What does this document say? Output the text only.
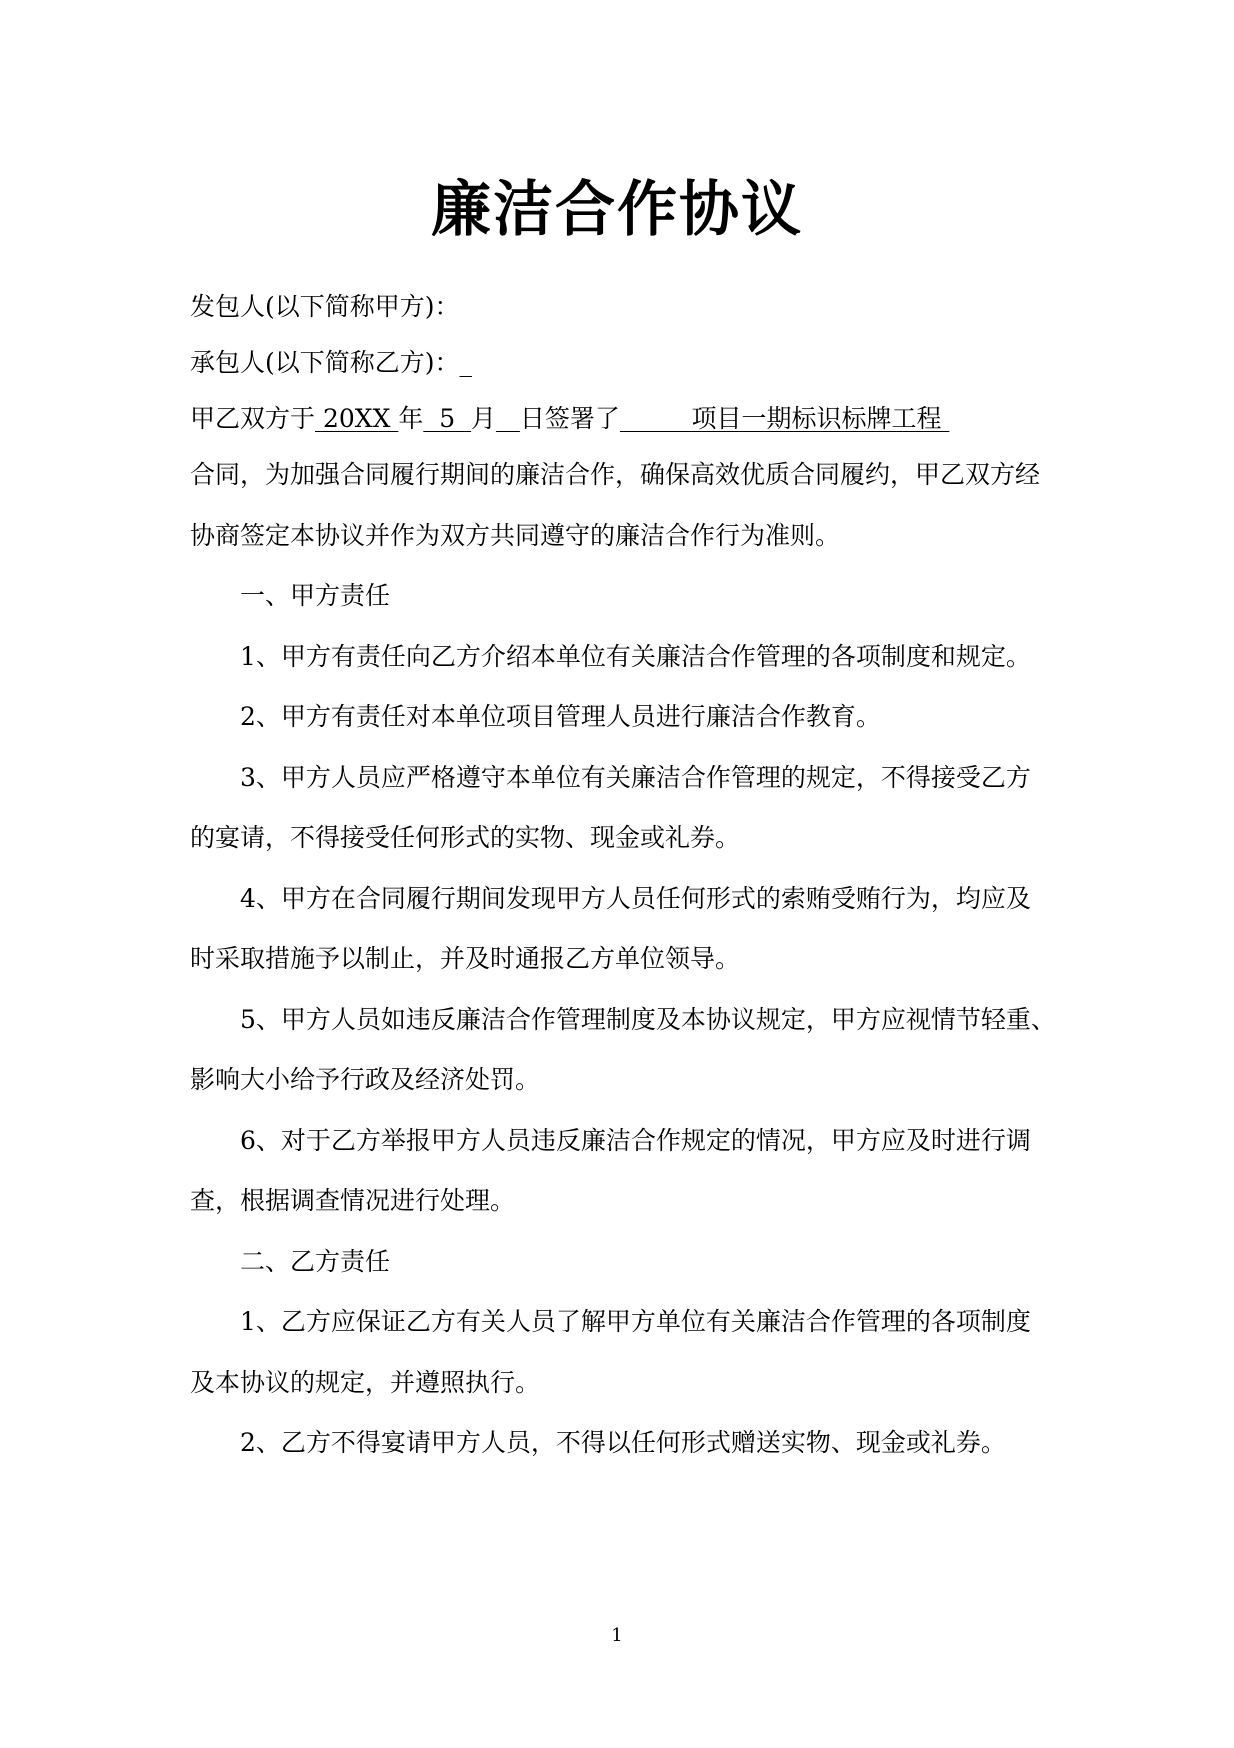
廉洁合作协议
发包人(以下简称甲方)：
承包人(以下简称乙方)：_
甲乙双方于 20XX 年  5  月 日签署了         项目一期标识标牌工程
合同，为加强合同履行期间的廉洁合作，确保高效优质合同履约，甲乙双方经
协商签定本协议并作为双方共同遵守的廉洁合作行为准则。
一、甲方责任
1、甲方有责任向乙方介绍本单位有关廉洁合作管理的各项制度和规定。
2、甲方有责任对本单位项目管理人员进行廉洁合作教育。
3、甲方人员应严格遵守本单位有关廉洁合作管理的规定，不得接受乙方
的宴请，不得接受任何形式的实物、现金或礼券。
4、甲方在合同履行期间发现甲方人员任何形式的索贿受贿行为，均应及
时采取措施予以制止，并及时通报乙方单位领导。
5、甲方人员如违反廉洁合作管理制度及本协议规定，甲方应视情节轻重、
影响大小给予行政及经济处罚。
6、对于乙方举报甲方人员违反廉洁合作规定的情况，甲方应及时进行调
查，根据调查情况进行处理。
二、乙方责任
1、乙方应保证乙方有关人员了解甲方单位有关廉洁合作管理的各项制度
及本协议的规定，并遵照执行。
2、乙方不得宴请甲方人员，不得以任何形式赠送实物、现金或礼券。
1
